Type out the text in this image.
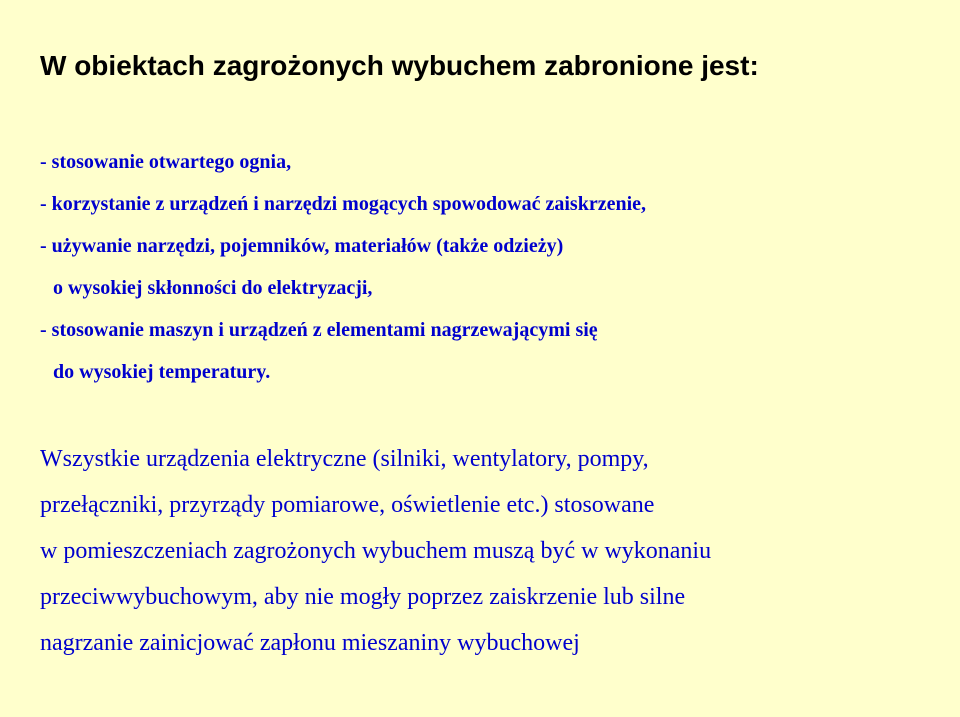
W obiektach zagrożonych wybuchem zabronione jest:
- stosowanie otwartego ognia,
- korzystanie z urządzeń i narzędzi mogących spowodować zaiskrzenie,
- używanie narzędzi, pojemników, materiałów (także odzieży)
o wysokiej skłonności do elektryzacji,
- stosowanie maszyn i urządzeń z elementami nagrzewającymi się
do wysokiej temperatury.

Wszystkie urządzenia elektryczne (silniki, wentylatory, pompy,
przełączniki, przyrządy pomiarowe, oświetlenie etc.) stosowane
w pomieszczeniach zagrożonych wybuchem muszą być w wykonaniu
przeciwwybuchowym, aby nie mogły poprzez zaiskrzenie lub silne
nagrzanie zainicjować zapłonu mieszaniny wybuchowej
